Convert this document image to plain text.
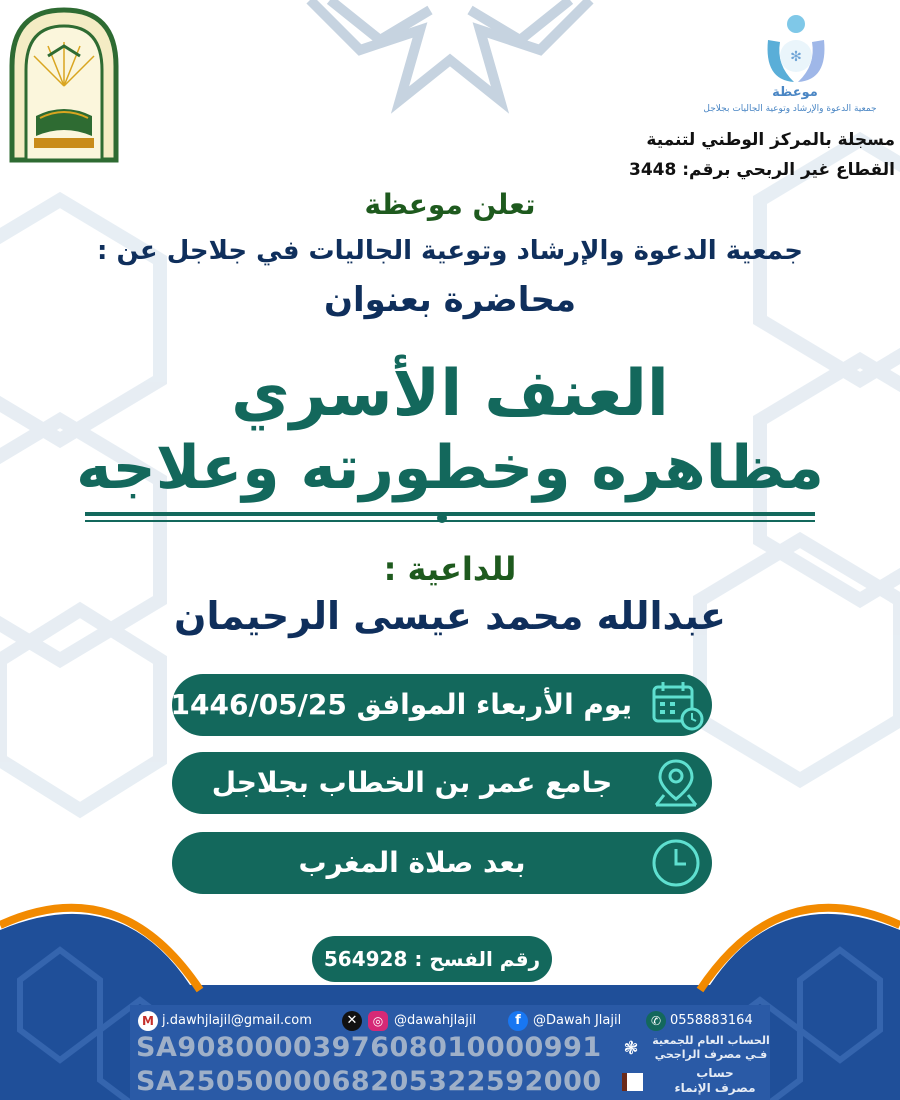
✻
موعظة
جمعية الدعوة والإرشاد وتوعية الجاليات بجلاجل
مسجلة بالمركز الوطني لتنمية
القطاع غير الربحي برقم: 3448
تعلن موعظة
جمعية الدعوة والإرشاد وتوعية الجاليات في جلاجل عن :
محاضرة بعنوان
العنف الأسري
مظاهره وخطورته وعلاجه
للداعية :
عبدالله محمد عيسى الرحيمان
يوم الأربعاء الموافق 1446/05/25
جامع عمر بن الخطاب بجلاجل
بعد صلاة المغرب
رقم الفسح : 564928
M j.dawhjlajil@gmail.com	✕	◎ @dawahjlajil	f @Dawah Jlajil	✆ 0558883164
SA9080000397608010000991 ❃	الحساب العام للجمعية
فـي مصرف الراجحي
SA2505000068205322592000	حساب
مصرف الإنماء
